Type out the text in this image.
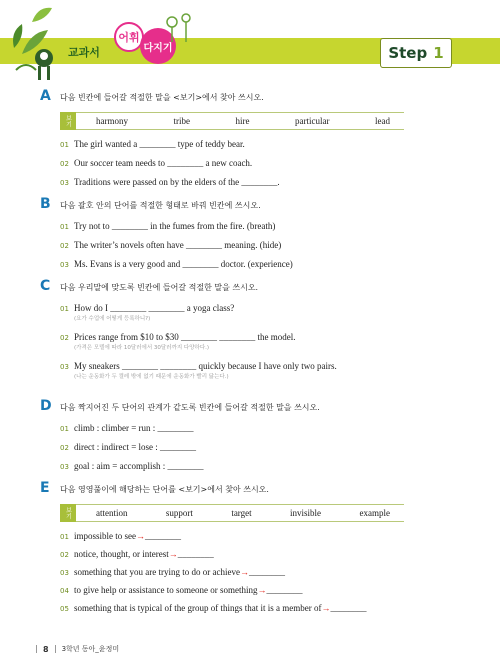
교과서
어휘
다지기	Step 1
A	다음 빈칸에 들어갈 적절한 말을 <보기>에서 찾아 쓰시오.
보기	harmony	tribe	hire	particular	lead
01 The girl wanted a ________ type of teddy bear.
02 Our soccer team needs to ________ a new coach.
03 Traditions were passed on by the elders of the ________.
B	다음 괄호 안의 단어를 적절한 형태로 바꿔 빈칸에 쓰시오.
01 Try not to ________ in the fumes from the fire. (breath)
02 The writer’s novels often have ________ meaning. (hide)
03 Ms. Evans is a very good and ________ doctor. (experience)
C	다음 우리말에 맞도록 빈칸에 들어갈 적절한 말을 쓰시오.
01 How do I ________ ________ a yoga class?
(요가 수업에 어떻게 등록하니?)
02 Prices range from $10 to $30 ________ ________ the model.
(가격은 모델에 따라 10달러에서 30달러까지 다양하다.)
03 My sneakers ________ ________ quickly because I have only two pairs.
(나는 운동화가 두 켤레 밖에 없기 때문에 운동화가 빨리 닳는다.)
D 다음 짝지어진 두 단어의 관계가 같도록 빈칸에 들어갈 적절한 말을 쓰시오.
01 climb : climber = run : ________
02 direct : indirect = lose : ________
03 goal : aim = accomplish : ________
E	다음 영영풀이에 해당하는 단어를 <보기>에서 찾아 쓰시오.
보기	attention	support	target	invisible	example
01 impossible to see → ________
02 notice, thought, or interest → ________
03 something that you are trying to do or achieve → ________
04 to give help or assistance to someone or something → ________
05 something that is typical of the group of things that it is a member of → ________
8 3학년 동아_윤정미
